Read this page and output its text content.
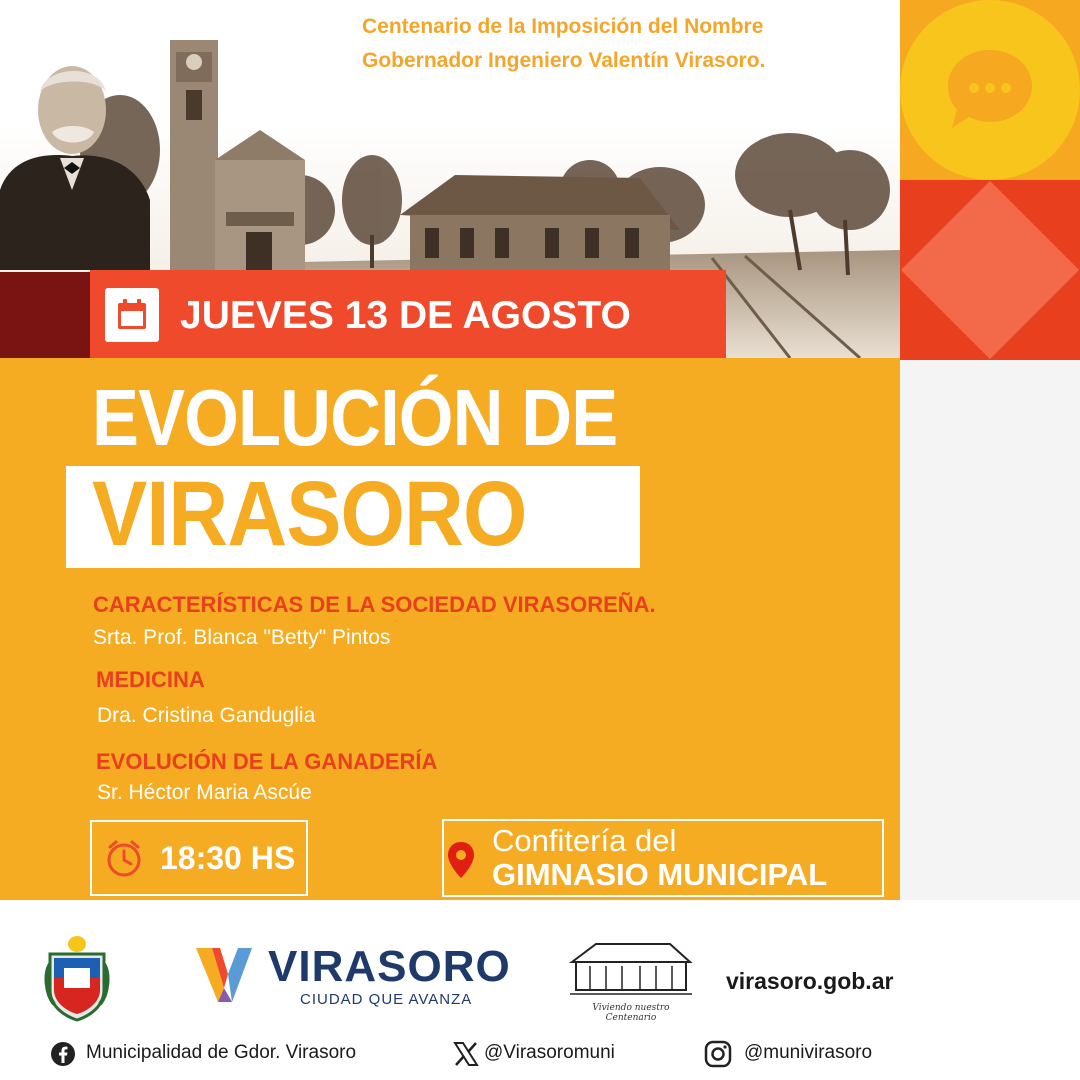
Centenario de la Imposición del Nombre
Gobernador Ingeniero Valentín Virasoro.
JUEVES 13 DE AGOSTO
EVOLUCIÓN DE
VIRASORO
CARACTERÍSTICAS DE LA SOCIEDAD VIRASOREÑA.
Srta. Prof. Blanca "Betty" Pintos
MEDICINA
Dra. Cristina Ganduglia
EVOLUCIÓN DE LA GANADERÍA
Sr. Héctor Maria Ascúe
18:30 HS	Confitería del
GIMNASIO MUNICIPAL
VIRASORO
CIUDAD QUE AVANZA	Viviendo nuestro Centenario
virasoro.gob.ar
Municipalidad de Gdor. Virasoro	@Virasoromuni	@munivirasoro
